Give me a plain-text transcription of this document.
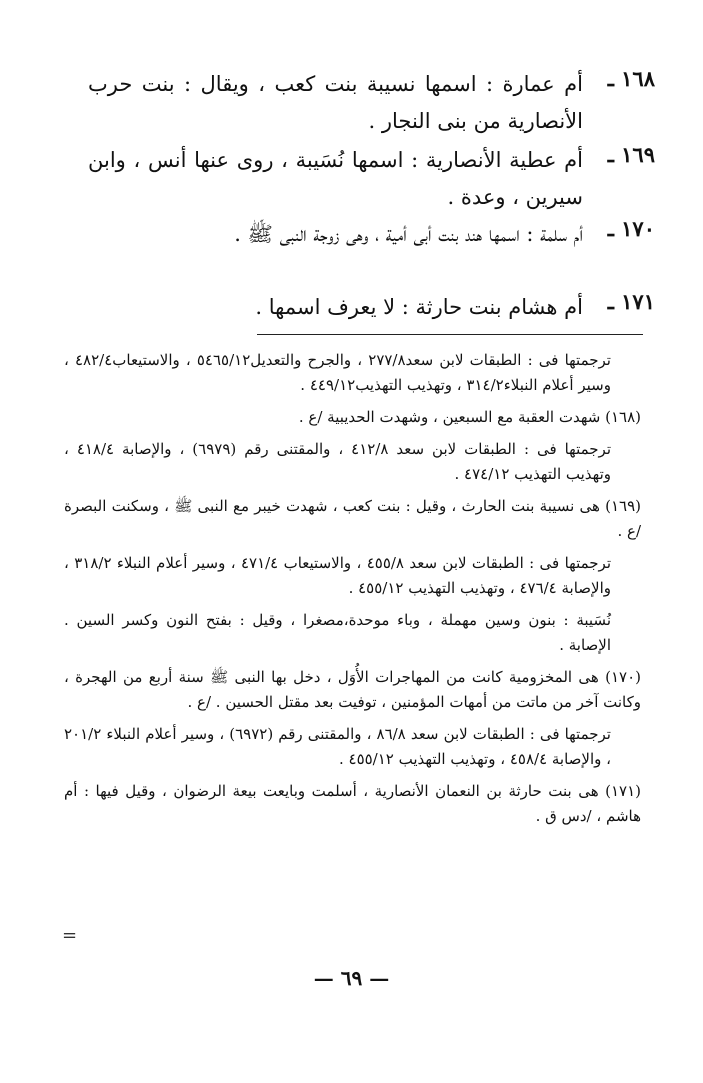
١٦٨ ـ
أم عمارة : اسمها نسيبة بنت كعب ، ويقال : بنت حرب الأنصارية من بنى النجار .
١٦٩ ـ
أم عطية الأنصارية : اسمها نُسَيبة ، روى عنها أنس ، وابن سيرين ، وعدة .
١٧٠ ـ
أم سلمة : اسمها هند بنت أبى أمية ، وهى زوجة النبى ﷺ .
١٧١ ـ
أم هشام بنت حارثة : لا يعرف اسمها .
ترجمتها فى : الطبقات لابن سعد٢٧٧/٨ ، والجرح والتعديل٥٤٦٥/١٢ ، والاستيعاب٤٨٢/٤ ، وسير أعلام النبلاء٣١٤/٢ ، وتهذيب التهذيب٤٤٩/١٢ .
(١٦٨) شهدت العقبة مع السبعين ، وشهدت الحديبية /ع .
ترجمتها فى : الطبقات لابن سعد ٤١٢/٨ ، والمقتنى رقم (٦٩٧٩) ، والإصابة ٤١٨/٤ ، وتهذيب التهذيب ٤٧٤/١٢ .
(١٦٩) هى نسيبة بنت الحارث ، وقيل : بنت كعب ، شهدت خيبر مع النبى ﷺ ، وسكنت البصرة /ع .
ترجمتها فى : الطبقات لابن سعد ٤٥٥/٨ ، والاستيعاب ٤٧١/٤ ، وسير أعلام النبلاء ٣١٨/٢ ، والإصابة ٤٧٦/٤ ، وتهذيب التهذيب ٤٥٥/١٢ .
نُسَيبة : بنون وسين مهملة ، وباء موحدة،مصغرا ، وقيل : بفتح النون وكسر السين . الإصابة .
(١٧٠) هى المخزومية كانت من المهاجرات الأُوَل ، دخل بها النبى ﷺ سنة أربع من الهجرة ، وكانت آخر من ماتت من أمهات المؤمنين ، توفيت بعد مقتل الحسين . /ع .
ترجمتها فى : الطبقات لابن سعد ٨٦/٨ ، والمقتنى رقم (٦٩٧٢) ، وسير أعلام النبلاء ٢٠١/٢ ، والإصابة ٤٥٨/٤ ، وتهذيب التهذيب ٤٥٥/١٢ .
(١٧١) هى بنت حارثة بن النعمان الأنصارية ، أسلمت وبايعت بيعة الرضوان ، وقيل فيها : أم هاشم ، /دس ق .
=
— ٦٩ —
